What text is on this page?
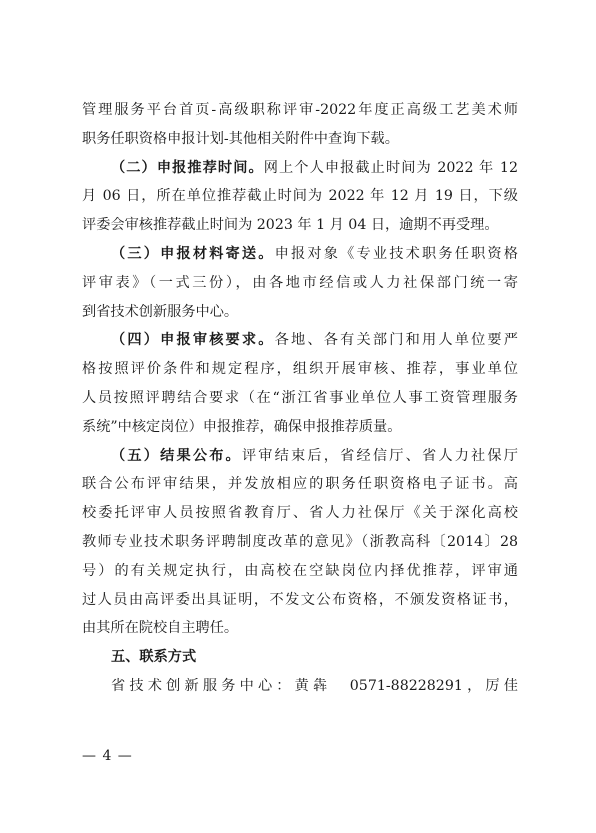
管理服务平台首页-高级职称评审-2022年度正高级工艺美术师
职务任职资格申报计划-其他相关附件中查询下载。
（二）申报推荐时间。网上个人申报截止时间为 2022 年 12
月 06 日，所在单位推荐截止时间为 2022 年 12 月 19 日，下级
评委会审核推荐截止时间为 2023 年 1 月 04 日，逾期不再受理。
（三）申报材料寄送。申报对象《专业技术职务任职资格
评审表》（一式三份），由各地市经信或人力社保部门统一寄
到省技术创新服务中心。
（四）申报审核要求。各地、各有关部门和用人单位要严
格按照评价条件和规定程序，组织开展审核、推荐，事业单位
人员按照评聘结合要求（在“浙江省事业单位人事工资管理服务
系统”中核定岗位）申报推荐，确保申报推荐质量。
（五）结果公布。评审结束后，省经信厅、省人力社保厅
联合公布评审结果，并发放相应的职务任职资格电子证书。高
校委托评审人员按照省教育厅、省人力社保厅《关于深化高校
教师专业技术职务评聘制度改革的意见》（浙教高科〔2014〕28
号）的有关规定执行，由高校在空缺岗位内择优推荐，评审通
过人员由高评委出具证明，不发文公布资格，不颁发资格证书，
由其所在院校自主聘任。
五、联系方式
省技术创新服务中心：黄犇　0571-88228291，厉佳
— 4 —
